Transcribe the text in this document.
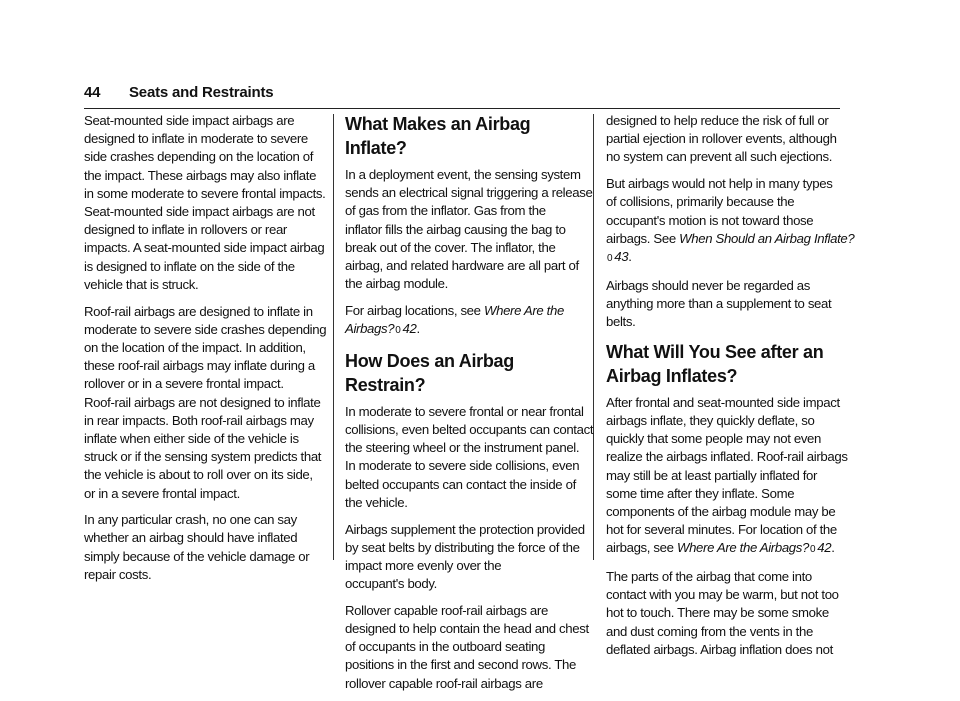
44 Seats and Restraints

Seat-mounted side impact airbags are
designed to inflate in moderate to severe
side crashes depending on the location of
the impact. These airbags may also inflate
in some moderate to severe frontal impacts.
Seat-mounted side impact airbags are not
designed to inflate in rollovers or rear
impacts. A seat-mounted side impact airbag
is designed to inflate on the side of the
vehicle that is struck.

Roof-rail airbags are designed to inflate in
moderate to severe side crashes depending
on the location of the impact. In addition,
these roof-rail airbags may inflate during a
rollover or in a severe frontal impact.
Roof-rail airbags are not designed to inflate
in rear impacts. Both roof-rail airbags may
inflate when either side of the vehicle is
struck or if the sensing system predicts that
the vehicle is about to roll over on its side,
or in a severe frontal impact.

In any particular crash, no one can say
whether an airbag should have inflated
simply because of the vehicle damage or
repair costs.

What Makes an Airbag Inflate?

In a deployment event, the sensing system
sends an electrical signal triggering a release
of gas from the inflator. Gas from the
inflator fills the airbag causing the bag to
break out of the cover. The inflator, the
airbag, and related hardware are all part of
the airbag module.

For airbag locations, see Where Are the
Airbags?0 42.

How Does an Airbag Restrain?

In moderate to severe frontal or near frontal
collisions, even belted occupants can contact
the steering wheel or the instrument panel.
In moderate to severe side collisions, even
belted occupants can contact the inside of
the vehicle.

Airbags supplement the protection provided
by seat belts by distributing the force of the
impact more evenly over the
occupant's body.

Rollover capable roof-rail airbags are
designed to help contain the head and chest
of occupants in the outboard seating
positions in the first and second rows. The
rollover capable roof-rail airbags are

designed to help reduce the risk of full or
partial ejection in rollover events, although
no system can prevent all such ejections.

But airbags would not help in many types
of collisions, primarily because the
occupant's motion is not toward those
airbags. See When Should an Airbag Inflate?
0 43.

Airbags should never be regarded as
anything more than a supplement to seat
belts.

What Will You See after an
Airbag Inflates?

After frontal and seat-mounted side impact
airbags inflate, they quickly deflate, so
quickly that some people may not even
realize the airbags inflated. Roof-rail airbags
may still be at least partially inflated for
some time after they inflate. Some
components of the airbag module may be
hot for several minutes. For location of the
airbags, see Where Are the Airbags?0 42.

The parts of the airbag that come into
contact with you may be warm, but not too
hot to touch. There may be some smoke
and dust coming from the vents in the
deflated airbags. Airbag inflation does not
